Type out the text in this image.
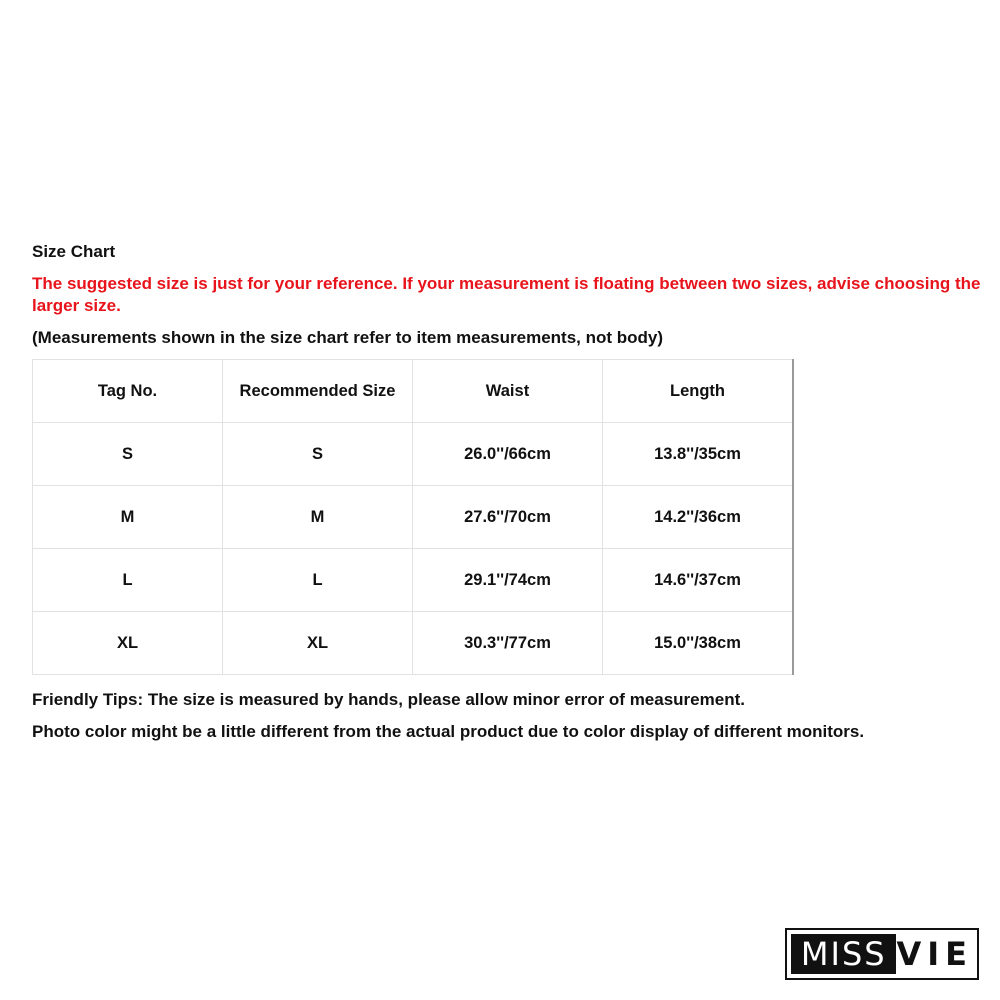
Size Chart
The suggested size is just for your reference. If your measurement is floating between two sizes, advise choosing the larger size.
(Measurements shown in the size chart refer to item measurements, not body)
Tag No.	Recommended Size	Waist	Length
S	S	26.0''/66cm	13.8''/35cm
M	M	27.6''/70cm	14.2''/36cm
L	L	29.1''/74cm	14.6''/37cm
XL	XL	30.3''/77cm	15.0''/38cm
Friendly Tips: The size is measured by hands, please allow minor error of measurement.
Photo color might be a little different from the actual product due to color display of different monitors.
MISS VIE
